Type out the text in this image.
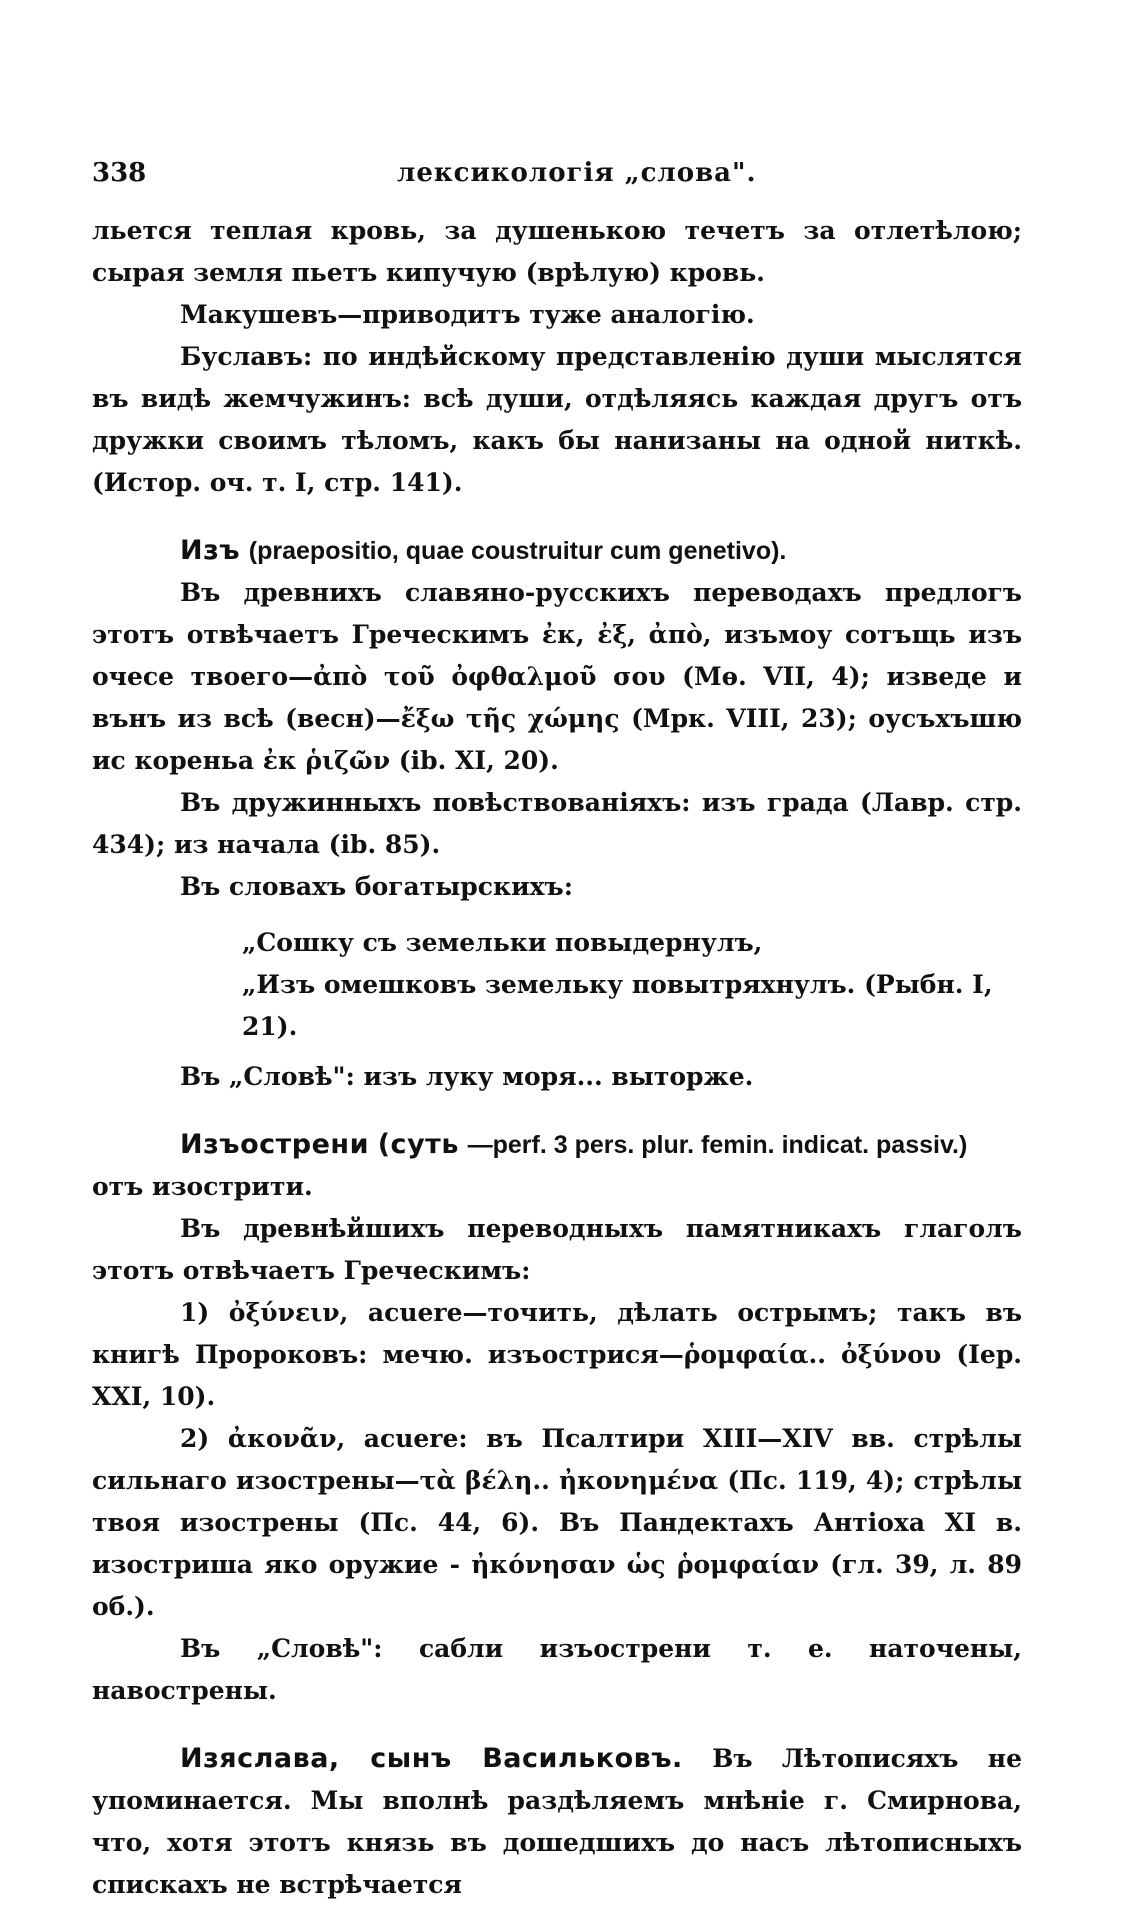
338	лексикологія „слова".

льется теплая кровь, за душенькою течетъ за отлетѣлою; сырая земля пьетъ кипучую (врѣлую) кровь.

Макушевъ—приводитъ туже аналогію.

Буславъ: по индѣйскому представленію души мыслятся въ видѣ жемчужинъ: всѣ души, отдѣляясь каждая другъ отъ дружки своимъ тѣломъ, какъ бы нанизаны на одной ниткѣ. (Истор. оч. т. I, стр. 141).

Изъ (praepositio, quae coustruitur cum genetivo).

Въ древнихъ славяно-русскихъ переводахъ предлогъ этотъ отвѣчаетъ Греческимъ ἐκ, ἐξ, ἀπὸ, изъмоу сотъщь изъ очесе твоего—ἀπὸ τοῦ ὀφθαλμοῦ σου (Мѳ. VII, 4); изведе и вънъ из всѣ (весн)—ἔξω τῆς χώμης (Мрк. VIII, 23); оусъхъшю ис кореньа ἐκ ῥιζῶν (ib. XI, 20).

Въ дружинныхъ повѣствованіяхъ: изъ града (Лавр. стр. 434); из начала (ib. 85).

Въ словахъ богатырскихъ:

„Сошку съ земельки повыдернулъ,
„Изъ омешковъ земельку повытряхнулъ. (Рыбн. I, 21).

Въ „Словѣ": изъ луку моря... выторже.

Изъострени (суть —perf. 3 pers. plur. femin. indicat. passiv.)

отъ изострити.

Въ древнѣйшихъ переводныхъ памятникахъ глаголъ этотъ отвѣчаетъ Греческимъ:

1) ὀξύνειν, acuere—точить, дѣлать острымъ; такъ въ книгѣ Пророковъ: мечю. изъострися—ῥομφαία.. ὀξύνου (Іер. XXI, 10).

2) ἀκονᾶν, acuere: въ Псалтири XIII—XIV вв. стрѣлы сильнаго изострены—τὰ βέλη.. ἠκονημένα (Пс. 119, 4); стрѣлы твоя изострены (Пс. 44, 6). Въ Пандектахъ Антіоха XI в. изостриша яко оружие - ἠκόνησαν ὡς ῥομφαίαν (гл. 39, л. 89 об.).

Въ „Словѣ": сабли изъострени т. е. наточены, навострены.

Изяслава, сынъ Васильковъ. Въ Лѣтописяхъ не упоминается. Мы вполнѣ раздѣляемъ мнѣніе г. Смирнова, что, хотя этотъ князь въ дошедшихъ до насъ лѣтописныхъ спискахъ не встрѣчается
